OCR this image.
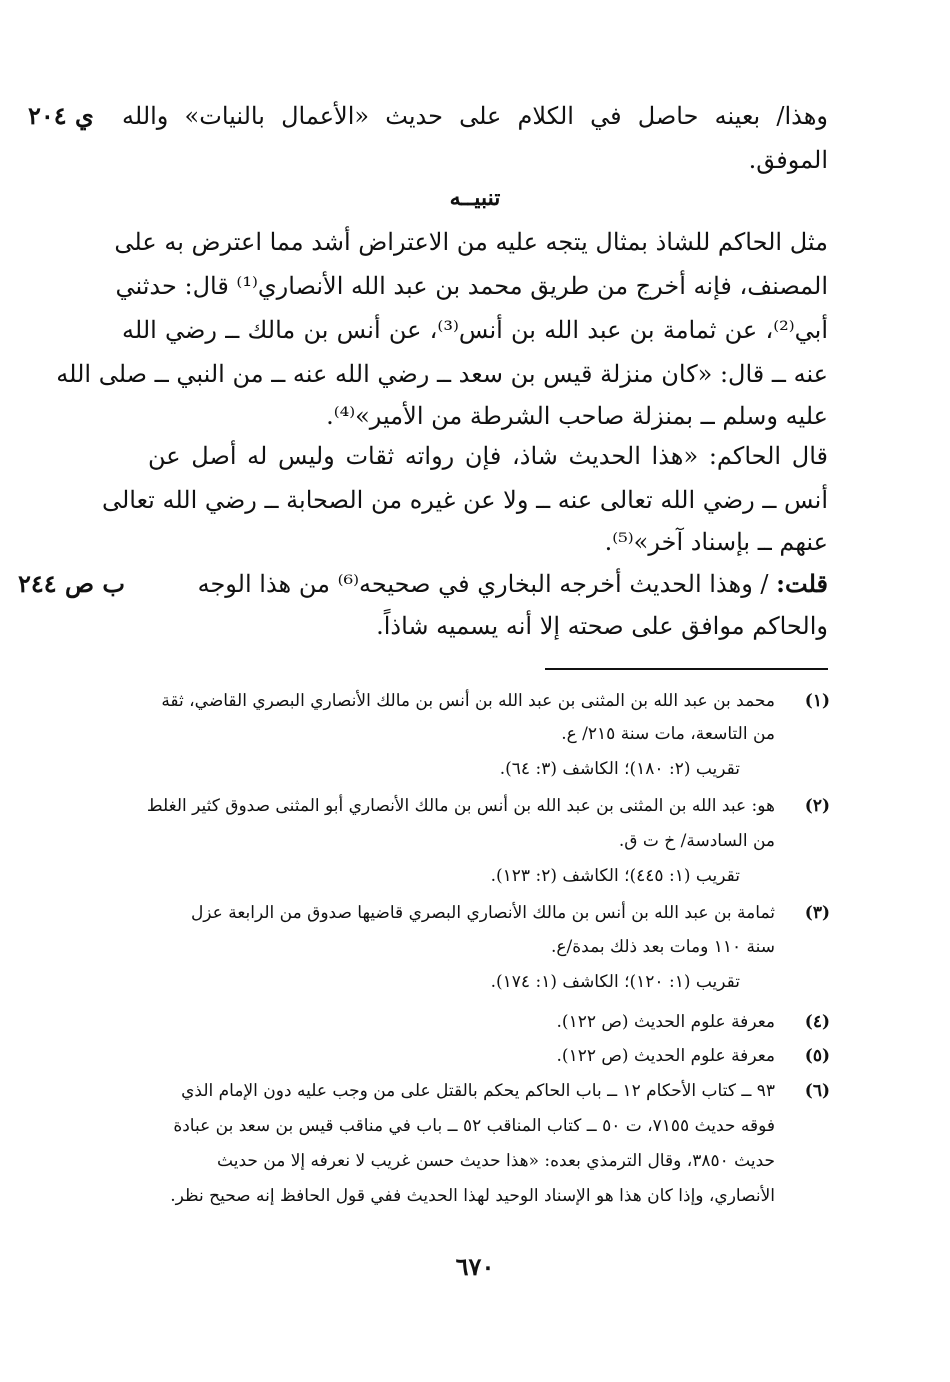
وهذا/ بعينه حاصل في الكلام على حديث «الأعمال بالنيات» والله
ي ٢٠٤
الموفق.
تنبيــه
مثل الحاكم للشاذ بمثال يتجه عليه من الاعتراض أشد مما اعترض به على
المصنف، فإنه أخرج من طريق محمد بن عبد الله الأنصاري⁽¹⁾ قال: حدثني
أبي⁽²⁾، عن ثمامة بن عبد الله بن أنس⁽³⁾، عن أنس بن مالك ــ رضي الله
عنه ــ قال: «كان منزلة قيس بن سعد ــ رضي الله عنه ــ من النبي ــ صلى الله
عليه وسلم ــ بمنزلة صاحب الشرطة من الأمير»⁽⁴⁾.
قال الحاكم: «هذا الحديث شاذ، فإن رواته ثقات وليس له أصل عن
أنس ــ رضي الله تعالى عنه ــ ولا عن غيره من الصحابة ــ رضي الله تعالى
عنهم ــ بإسناد آخر»⁽⁵⁾.
قلت: / وهذا الحديث أخرجه البخاري في صحيحه⁽⁶⁾ من هذا الوجه
ب ص ٢٤٤
والحاكم موافق على صحته إلا أنه يسميه شاذاً.
(١)
محمد بن عبد الله بن المثنى بن عبد الله بن أنس بن مالك الأنصاري البصري القاضي، ثقة
من التاسعة، مات سنة ٢١٥/ ع.
تقريب (٢: ١٨٠)؛ الكاشف (٣: ٦٤).
(٢)
هو: عبد الله بن المثنى بن عبد الله بن أنس بن مالك الأنصاري أبو المثنى صدوق كثير الغلط
من السادسة/ خ ت ق.
تقريب (١: ٤٤٥)؛ الكاشف (٢: ١٢٣).
(٣)
ثمامة بن عبد الله بن أنس بن مالك الأنصاري البصري قاضيها صدوق من الرابعة عزل
سنة ١١٠ ومات بعد ذلك بمدة/ع.
تقريب (١: ١٢٠)؛ الكاشف (١: ١٧٤).
(٤)
معرفة علوم الحديث (ص ١٢٢).
(٥)
معرفة علوم الحديث (ص ١٢٢).
(٦)
٩٣ ــ كتاب الأحكام ١٢ ــ باب الحاكم يحكم بالقتل على من وجب عليه دون الإمام الذي
فوقه حديث ٧١٥٥، ت ٥٠ ــ كتاب المناقب ٥٢ ــ باب في مناقب قيس بن سعد بن عبادة
حديث ٣٨٥٠، وقال الترمذي بعده: «هذا حديث حسن غريب لا نعرفه إلا من حديث
الأنصاري، وإذا كان هذا هو الإسناد الوحيد لهذا الحديث ففي قول الحافظ إنه صحيح نظر.
٦٧٠
